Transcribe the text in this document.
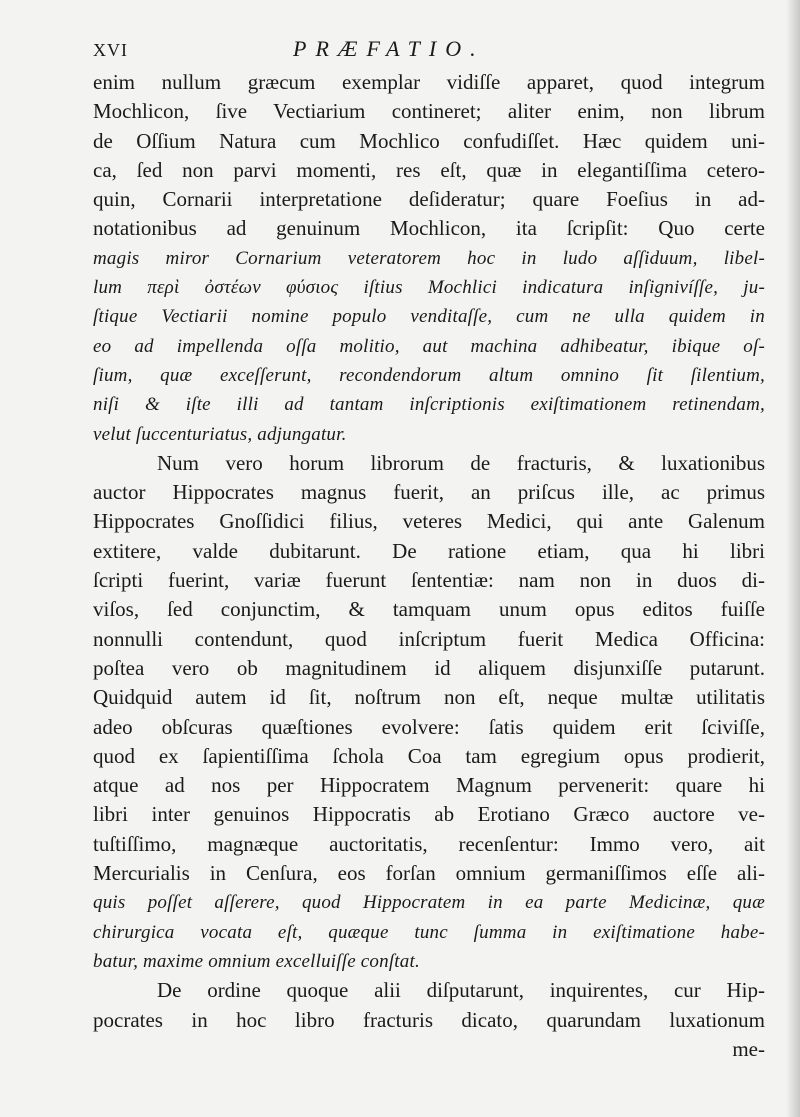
XVI	PRÆFATIO.
enim nullum græcum exemplar vidiſſe apparet, quod integrum
Mochlicon, ſive Vectiarium contineret; aliter enim, non librum
de Oſſium Natura cum Mochlico confudiſſet. Hæc quidem uni-
ca, ſed non parvi momenti, res eſt, quæ in elegantiſſima cetero-
quin, Cornarii interpretatione deſideratur; quare Foeſius in ad-
notationibus ad genuinum Mochlicon, ita ſcripſit: Quo certe
magis miror Cornarium veteratorem hoc in ludo aſſiduum, libel-
lum περὶ ὀστέων φύσιος iſtius Mochlici indicatura inſignivíſſe, ju-
ſtique Vectiarii nomine populo venditaſſe, cum ne ulla quidem in
eo ad impellenda oſſa molitio, aut machina adhibeatur, ibique oſ-
ſium, quæ exceſſerunt, recondendorum altum omnino ſit ſilentium,
niſi & iſte illi ad tantam inſcriptionis exiſtimationem retinendam,
velut ſuccenturiatus, adjungatur.
Num vero horum librorum de fracturis, & luxationibus
auctor Hippocrates magnus fuerit, an priſcus ille, ac primus
Hippocrates Gnoſſidici filius, veteres Medici, qui ante Galenum
extitere, valde dubitarunt. De ratione etiam, qua hi libri
ſcripti fuerint, variæ fuerunt ſententiæ: nam non in duos di-
viſos, ſed conjunctim, & tamquam unum opus editos fuiſſe
nonnulli contendunt, quod inſcriptum fuerit Medica Officina:
poſtea vero ob magnitudinem id aliquem disjunxiſſe putarunt.
Quidquid autem id ſit, noſtrum non eſt, neque multæ utilitatis
adeo obſcuras quæſtiones evolvere: ſatis quidem erit ſciviſſe,
quod ex ſapientiſſima ſchola Coa tam egregium opus prodierit,
atque ad nos per Hippocratem Magnum pervenerit: quare hi
libri inter genuinos Hippocratis ab Erotiano Græco auctore ve-
tuſtiſſimo, magnæque auctoritatis, recenſentur: Immo vero, ait
Mercurialis in Cenſura, eos forſan omnium germaniſſimos eſſe ali-
quis poſſet aſſerere, quod Hippocratem in ea parte Medicinæ, quæ
chirurgica vocata eſt, quæque tunc ſumma in exiſtimatione habe-
batur, maxime omnium excelluiſſe conſtat.
De ordine quoque alii diſputarunt, inquirentes, cur Hip-
pocrates in hoc libro fracturis dicato, quarundam luxationum
me-
